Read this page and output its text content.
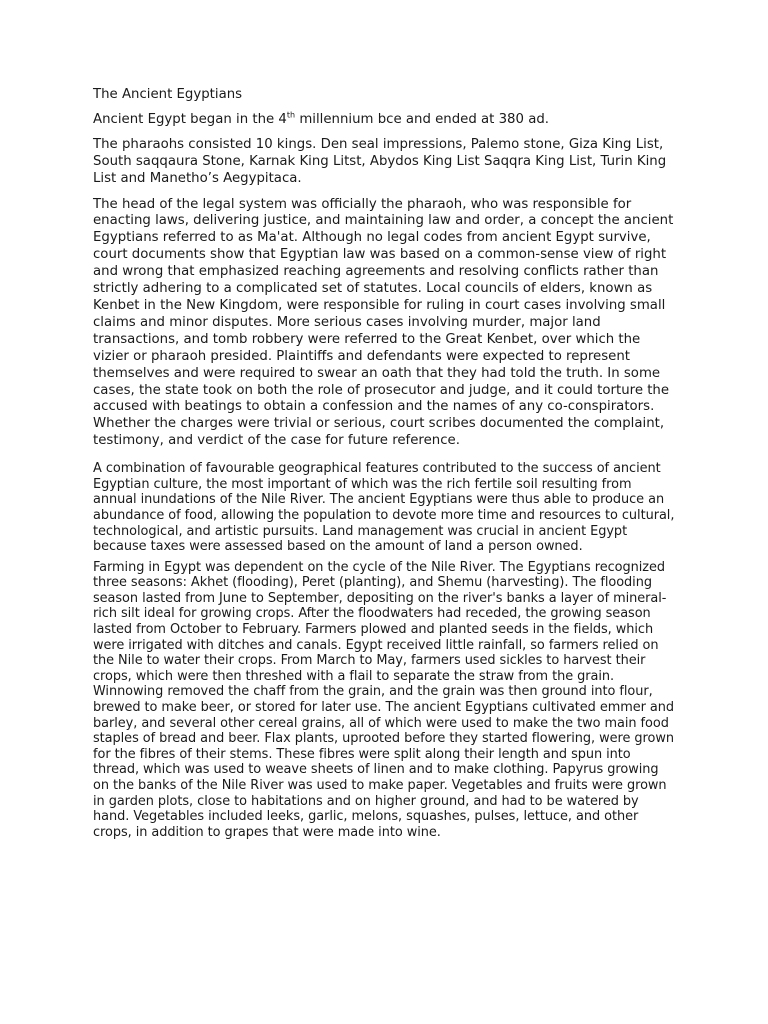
The Ancient Egyptians

Ancient Egypt began in the 4th millennium bce and ended at 380 ad.

The pharaohs consisted 10 kings. Den seal impressions, Palemo stone, Giza King List, South saqqaura Stone, Karnak King Litst, Abydos King List Saqqra King List, Turin King List and Manetho’s Aegypitaca.

The head of the legal system was officially the pharaoh, who was responsible for enacting laws, delivering justice, and maintaining law and order, a concept the ancient Egyptians referred to as Ma'at. Although no legal codes from ancient Egypt survive, court documents show that Egyptian law was based on a common-sense view of right and wrong that emphasized reaching agreements and resolving conflicts rather than strictly adhering to a complicated set of statutes. Local councils of elders, known as Kenbet in the New Kingdom, were responsible for ruling in court cases involving small claims and minor disputes. More serious cases involving murder, major land transactions, and tomb robbery were referred to the Great Kenbet, over which the vizier or pharaoh presided. Plaintiffs and defendants were expected to represent themselves and were required to swear an oath that they had told the truth. In some cases, the state took on both the role of prosecutor and judge, and it could torture the accused with beatings to obtain a confession and the names of any co-conspirators. Whether the charges were trivial or serious, court scribes documented the complaint, testimony, and verdict of the case for future reference.

A combination of favourable geographical features contributed to the success of ancient Egyptian culture, the most important of which was the rich fertile soil resulting from annual inundations of the Nile River. The ancient Egyptians were thus able to produce an abundance of food, allowing the population to devote more time and resources to cultural, technological, and artistic pursuits. Land management was crucial in ancient Egypt because taxes were assessed based on the amount of land a person owned.

Farming in Egypt was dependent on the cycle of the Nile River. The Egyptians recognized three seasons: Akhet (flooding), Peret (planting), and Shemu (harvesting). The flooding season lasted from June to September, depositing on the river's banks a layer of mineral-rich silt ideal for growing crops. After the floodwaters had receded, the growing season lasted from October to February. Farmers plowed and planted seeds in the fields, which were irrigated with ditches and canals. Egypt received little rainfall, so farmers relied on the Nile to water their crops. From March to May, farmers used sickles to harvest their crops, which were then threshed with a flail to separate the straw from the grain. Winnowing removed the chaff from the grain, and the grain was then ground into flour, brewed to make beer, or stored for later use. The ancient Egyptians cultivated emmer and barley, and several other cereal grains, all of which were used to make the two main food staples of bread and beer. Flax plants, uprooted before they started flowering, were grown for the fibres of their stems. These fibres were split along their length and spun into thread, which was used to weave sheets of linen and to make clothing. Papyrus growing on the banks of the Nile River was used to make paper. Vegetables and fruits were grown in garden plots, close to habitations and on higher ground, and had to be watered by hand. Vegetables included leeks, garlic, melons, squashes, pulses, lettuce, and other crops, in addition to grapes that were made into wine.
